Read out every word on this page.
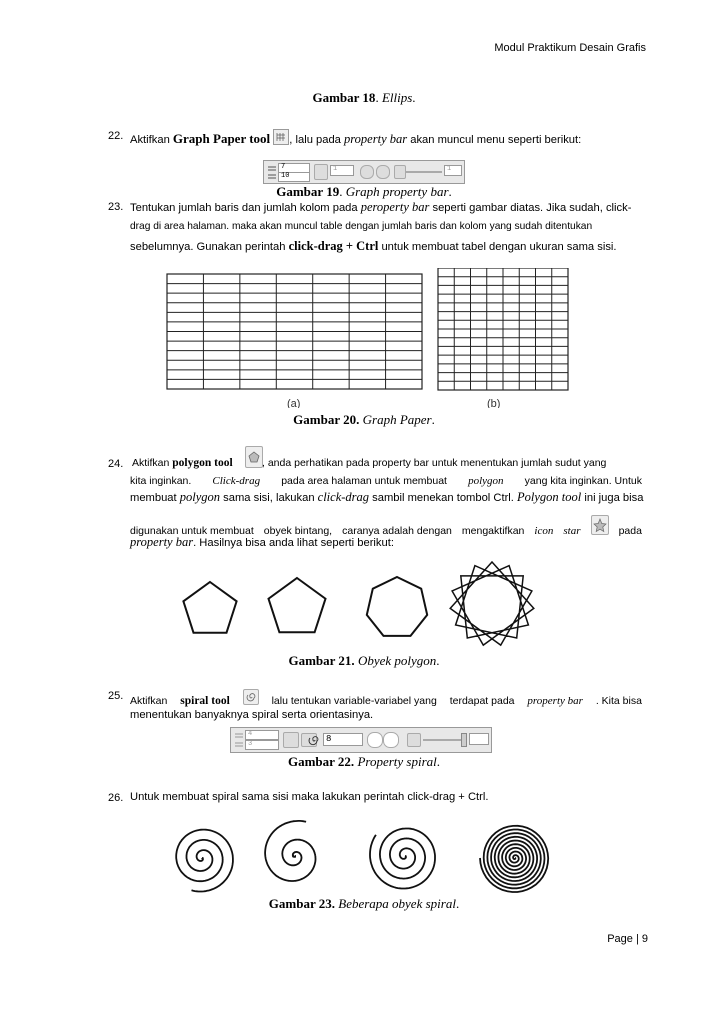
Modul Praktikum Desain Grafis
Gambar 18. Ellips.
22. Aktifkan Graph Paper tool , lalu pada property bar akan muncul menu seperti berikut:
7
10
1	1
Gambar 19. Graph property bar.
23. Tentukan jumlah baris dan jumlah kolom pada peroperty bar seperti gambar diatas. Jika sudah, click-
drag di area halaman. maka akan muncul table dengan jumlah baris dan kolom yang sudah ditentukan
sebelumnya. Gunakan perintah click-drag + Ctrl untuk membuat tabel dengan ukuran sama sisi.
(a)	(b)
Gambar 20. Graph Paper.
24. Aktifkan polygon tool	, anda perhatikan pada property bar untuk menentukan jumlah sudut yang
kita inginkan. Click-drag pada area halaman untuk membuat polygon yang kita inginkan. Untuk
membuat polygon sama sisi, lakukan click-drag sambil menekan tombol Ctrl. Polygon tool ini juga bisa
digunakan untuk membuat obyek bintang, caranya adalah dengan mengaktifkan icon star	pada
property bar. Hasilnya bisa anda lihat seperti berikut:
Gambar 21. Obyek polygon.
25. Aktifkan spiral tool	lalu tentukan variable-variabel yang terdapat pada property bar . Kita bisa
menentukan banyaknya spiral serta orientasinya.
4
3	8
Gambar 22. Property spiral.
26. Untuk membuat spiral sama sisi maka lakukan perintah click-drag + Ctrl.
Gambar 23. Beberapa obyek spiral.
Page | 9
